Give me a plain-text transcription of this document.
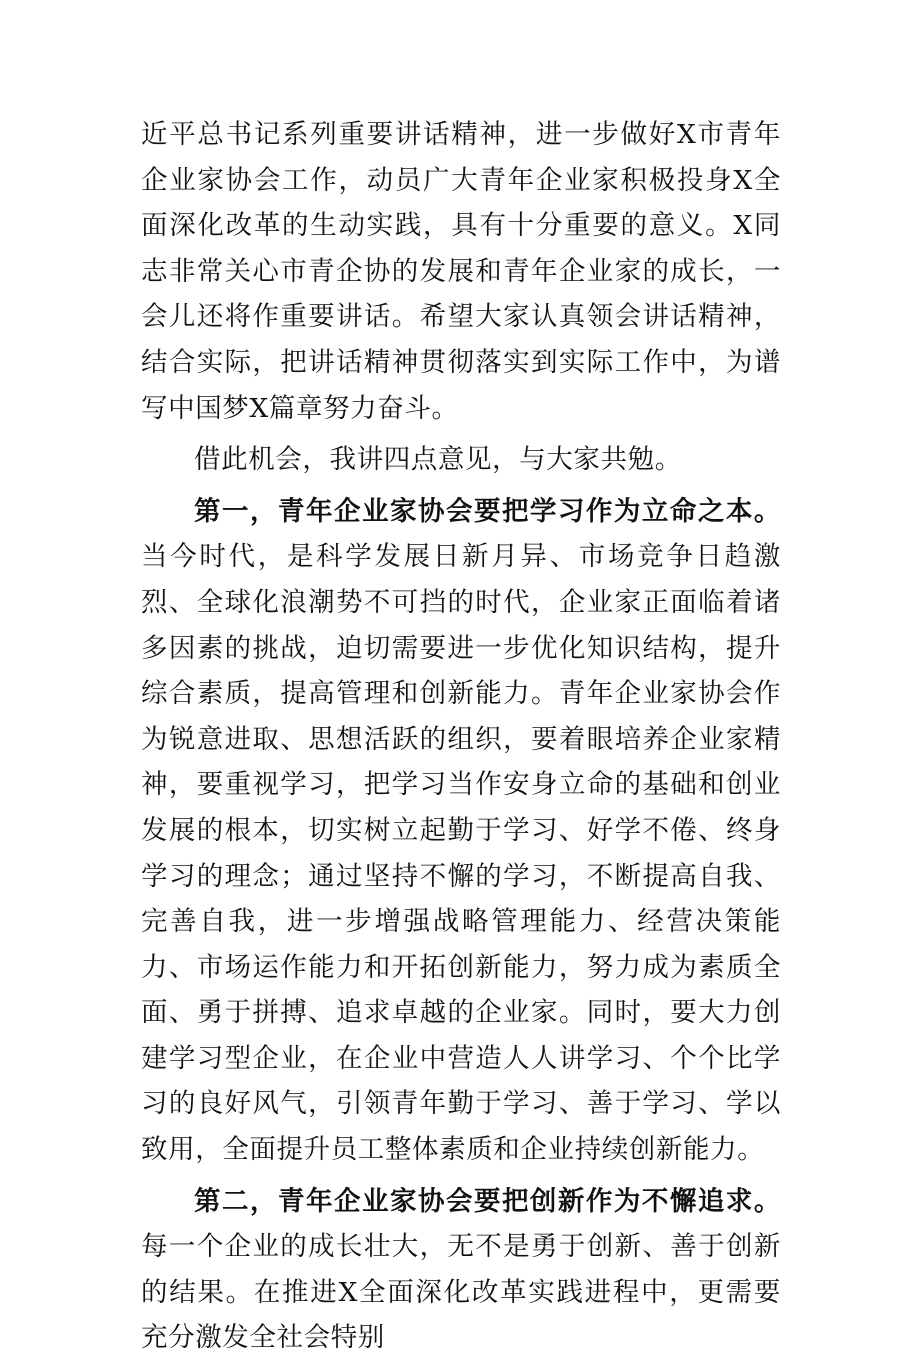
近平总书记系列重要讲话精神，进一步做好X市青年企业家协会工作，动员广大青年企业家积极投身X全面深化改革的生动实践，具有十分重要的意义。X同志非常关心市青企协的发展和青年企业家的成长，一会儿还将作重要讲话。希望大家认真领会讲话精神，结合实际，把讲话精神贯彻落实到实际工作中，为谱写中国梦X篇章努力奋斗。

借此机会，我讲四点意见，与大家共勉。

第一，青年企业家协会要把学习作为立命之本。当今时代，是科学发展日新月异、市场竞争日趋激烈、全球化浪潮势不可挡的时代，企业家正面临着诸多因素的挑战，迫切需要进一步优化知识结构，提升综合素质，提高管理和创新能力。青年企业家协会作为锐意进取、思想活跃的组织，要着眼培养企业家精神，要重视学习，把学习当作安身立命的基础和创业发展的根本，切实树立起勤于学习、好学不倦、终身学习的理念；通过坚持不懈的学习，不断提高自我、完善自我，进一步增强战略管理能力、经营决策能力、市场运作能力和开拓创新能力，努力成为素质全面、勇于拼搏、追求卓越的企业家。同时，要大力创建学习型企业，在企业中营造人人讲学习、个个比学习的良好风气，引领青年勤于学习、善于学习、学以致用，全面提升员工整体素质和企业持续创新能力。

第二，青年企业家协会要把创新作为不懈追求。每一个企业的成长壮大，无不是勇于创新、善于创新的结果。在推进X全面深化改革实践进程中，更需要充分激发全社会特别
